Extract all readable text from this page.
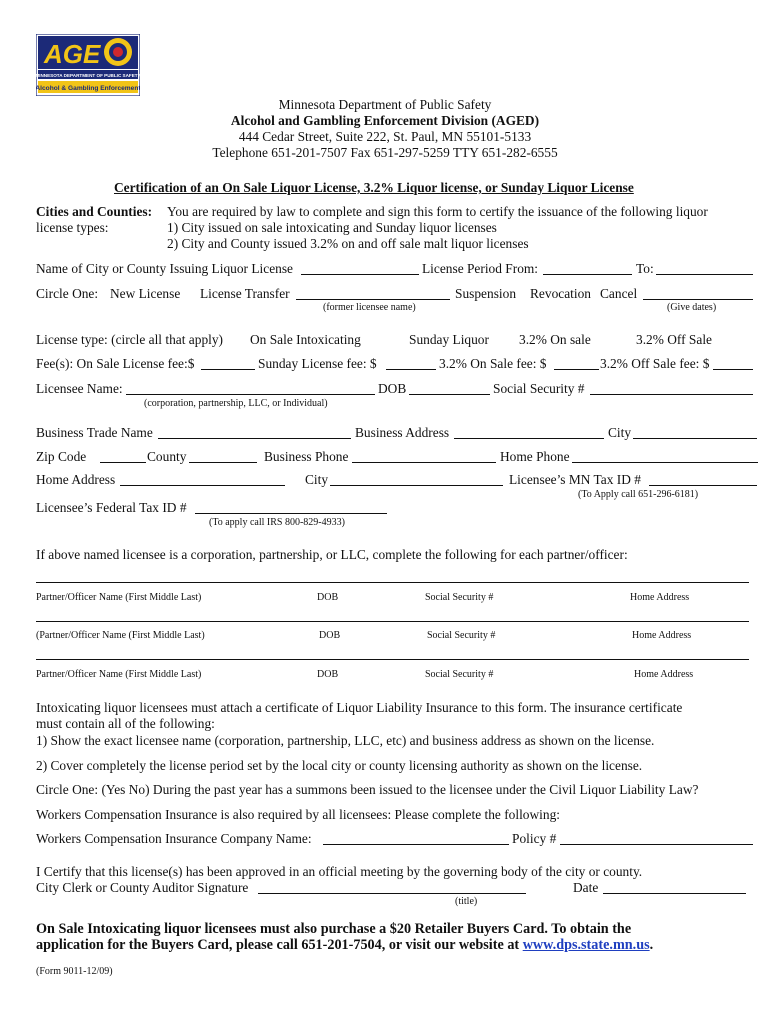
AGE
MINNESOTA DEPARTMENT OF PUBLIC SAFETY
Alcohol & Gambling Enforcement
Minnesota Department of Public Safety
Alcohol and Gambling Enforcement Division (AGED)
444 Cedar Street, Suite 222, St. Paul, MN 55101-5133
Telephone 651-201-7507 Fax 651-297-5259 TTY 651-282-6555
Certification of an On Sale Liquor License, 3.2% Liquor license, or Sunday Liquor License
Cities and Counties: You are required by law to complete and sign this form to certify the issuance of the following liquor
license types:	1) City issued on sale intoxicating and Sunday liquor licenses
2) City and County issued 3.2% on and off sale malt liquor licenses
Name of City or County Issuing Liquor License	License Period From:	To:
Circle One: New License License Transfer	Suspension Revocation Cancel
(former licensee name)	(Give dates)
License type: (circle all that apply) On Sale Intoxicating	Sunday Liquor 3.2% On sale	3.2% Off Sale
Fee(s): On Sale License fee:$	Sunday License fee: $	3.2% On Sale fee: $	3.2% Off Sale fee: $
Licensee Name:	DOB	Social Security #
(corporation, partnership, LLC, or Individual)
Business Trade Name	Business Address	City
Zip Code	County	Business Phone	Home Phone
Home Address	City	Licensee’s MN Tax ID #
(To Apply call 651-296-6181)
Licensee’s Federal Tax ID #
(To apply call IRS 800-829-4933)
If above named licensee is a corporation, partnership, or LLC, complete the following for each partner/officer:
Partner/Officer Name (First Middle Last)	DOB	Social Security #	Home Address
(Partner/Officer Name (First Middle Last)	DOB	Social Security #	Home Address
Partner/Officer Name (First Middle Last)	DOB	Social Security #	Home Address
Intoxicating liquor licensees must attach a certificate of Liquor Liability Insurance to this form. The insurance certificate
must contain all of the following:
1) Show the exact licensee name (corporation, partnership, LLC, etc) and business address as shown on the license.
2) Cover completely the license period set by the local city or county licensing authority as shown on the license.
Circle One: (Yes No) During the past year has a summons been issued to the licensee under the Civil Liquor Liability Law?
Workers Compensation Insurance is also required by all licensees: Please complete the following:
Workers Compensation Insurance Company Name:	Policy #
I Certify that this license(s) has been approved in an official meeting by the governing body of the city or county.
City Clerk or County Auditor Signature	Date
(title)
On Sale Intoxicating liquor licensees must also purchase a $20 Retailer Buyers Card. To obtain the
application for the Buyers Card, please call 651-201-7504, or visit our website at www.dps.state.mn.us.
(Form 9011-12/09)
